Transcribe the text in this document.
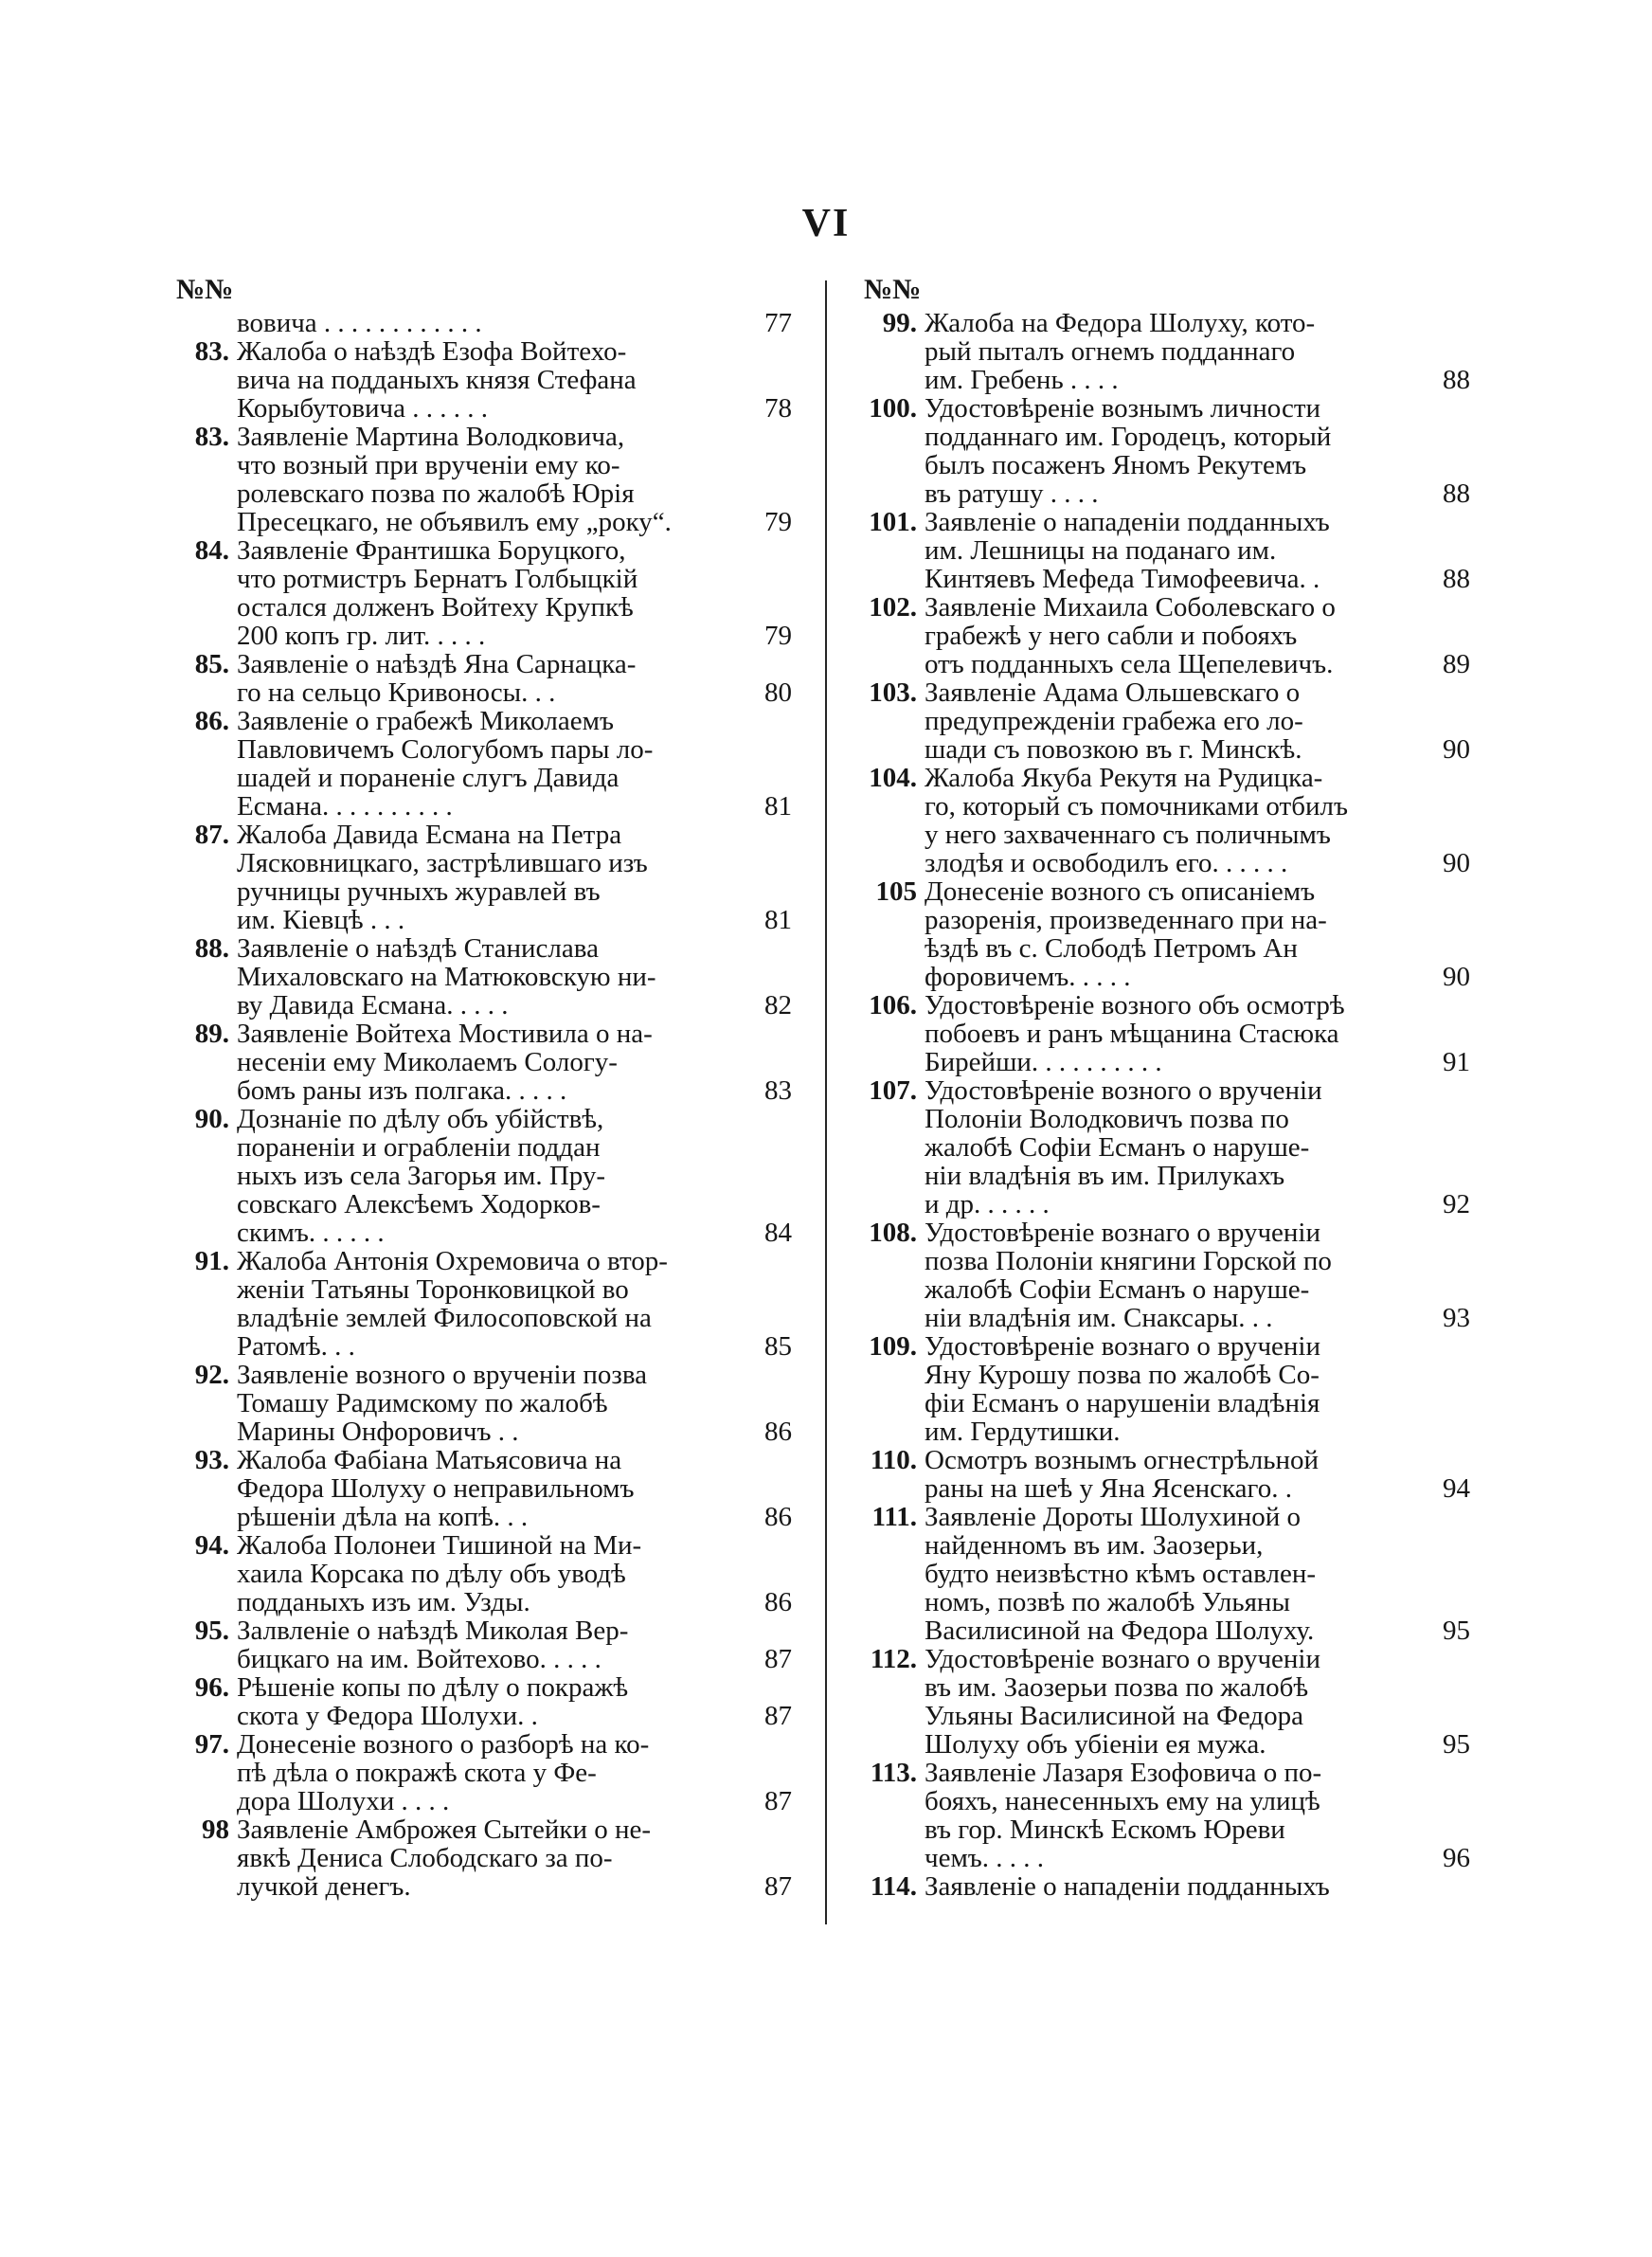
VI
№№
вовича . . . . . . . . . . . .	77
83. Жалоба о наѣздѣ Езофа Войтехо-
вича на подданыхъ князя Стефана
Корыбутовича . . . . . .	78
83. Заявленіе Мартина Володковича,
что возный при врученіи ему ко-
ролевскаго позва по жалобѣ Юрія
Пресецкаго, не объявилъ ему „року“.	79
84. Заявленіе Франтишка Боруцкого,
что ротмистръ Бернатъ Голбыцкій
остался долженъ Войтеху Крупкѣ
200 копъ гр. лит. . . . .	79
85. Заявленіе о наѣздѣ Яна Сарнацка-
го на сельцо Кривоносы. . .	80
86. Заявленіе о грабежѣ Миколаемъ
Павловичемъ Сологубомъ пары ло-
шадей и пораненіе слугъ Давида
Есмана. . . . . . . . . .	81
87. Жалоба Давида Есмана на Петра
Лясковницкаго, застрѣлившаго изъ
ручницы ручныхъ журавлей въ
им. Кіевцѣ . . .	81
88. Заявленіе о наѣздѣ Станислава
Михаловскаго на Матюковскую ни-
ву Давида Есмана. . . . .	82
89. Заявленіе Войтеха Мостивила о на-
несеніи ему Миколаемъ Сологу-
бомъ раны изъ полгака. . . . .	83
90. Дознаніе по дѣлу объ убійствѣ,
пораненіи и ограбленіи поддан
ныхъ изъ села Загорья им. Пру-
совскаго Алексѣемъ Ходорков-
скимъ. . . . . .	84
91. Жалоба Антонія Охремовича о втор-
женіи Татьяны Торонковицкой во
владѣніе землей Филосоповской на
Ратомѣ. . .	85
92. Заявленіе возного о врученіи позва
Томашу Радимскому по жалобѣ
Марины Онфоровичъ . .	86
93. Жалоба Фабіана Матьясовича на
Федора Шолуху о неправильномъ
рѣшеніи дѣла на копѣ. . .	86
94. Жалоба Полонеи Тишиной на Ми-
хаила Корсака по дѣлу объ уводѣ
подданыхъ изъ им. Узды.	86
95. Залвленіе о наѣздѣ Миколая Вер-
бицкаго на им. Войтехово. . . . .	87
96. Рѣшеніе копы по дѣлу о покражѣ
скота у Федора Шолухи. .	87
97. Донесеніе возного о разборѣ на ко-
пѣ дѣла о покражѣ скота у Фе-
дора Шолухи . . . .	87
98 Заявленіе Амброжея Сытейки о не-
явкѣ Дениса Слободскаго за по-
лучкой денегъ.	87
№№
99. Жалоба на Федора Шолуху, кото-
рый пыталъ огнемъ подданнаго
им. Гребень . . . .	88
100. Удостовѣреніе вознымъ личности
подданнаго им. Городецъ, который
былъ посаженъ Яномъ Рекутемъ
въ ратушу . . . .	88
101. Заявленіе о нападеніи подданныхъ
им. Лешницы на поданаго им.
Кинтяевъ Мефеда Тимофеевича. .	88
102. Заявленіе Михаила Соболевскаго о
грабежѣ у него сабли и побояхъ
отъ подданныхъ села Щепелевичъ.	89
103. Заявленіе Адама Ольшевскаго о
предупрежденіи грабежа его ло-
шади съ повозкою въ г. Минскѣ.	90
104. Жалоба Якуба Рекутя на Рудицка-
го, который съ помочниками отбилъ
у него захваченнаго съ поличнымъ
злодѣя и освободилъ его. . . . . .	90
105 Донесеніе возного съ описаніемъ
разоренія, произведеннаго при на-
ѣздѣ въ с. Слободѣ Петромъ Ан
форовичемъ. . . . .	90
106. Удостовѣреніе возного объ осмотрѣ
побоевъ и ранъ мѣщанина Стасюка
Бирейши. . . . . . . . . .	91
107. Удостовѣреніе возного о врученіи
Полоніи Володковичъ позва по
жалобѣ Софіи Есманъ о наруше-
ніи владѣнія въ им. Прилукахъ
и др. . . . . .	92
108. Удостовѣреніе вознаго о врученіи
позва Полоніи княгини Горской по
жалобѣ Софіи Есманъ о наруше-
ніи владѣнія им. Снаксары. . .	93
109. Удостовѣреніе вознаго о врученіи
Яну Курошу позва по жалобѣ Со-
фіи Есманъ о нарушеніи владѣнія
им. Гердутишки.
110. Осмотръ вознымъ огнестрѣльной
раны на шеѣ у Яна Ясенскаго. .	94
111. Заявленіе Дороты Шолухиной о
найденномъ въ им. Заозерьи,
будто неизвѣстно кѣмъ оставлен-
номъ, позвѣ по жалобѣ Ульяны
Василисиной на Федора Шолуху.	95
112. Удостовѣреніе вознаго о врученіи
въ им. Заозерьи позва по жалобѣ
Ульяны Василисиной на Федора
Шолуху объ убіеніи ея мужа.	95
113. Заявленіе Лазаря Езофовича о по-
бояхъ, нанесенныхъ ему на улицѣ
въ гор. Минскѣ Ескомъ Юреви
чемъ. . . . .	96
114. Заявленіе о нападеніи подданныхъ
